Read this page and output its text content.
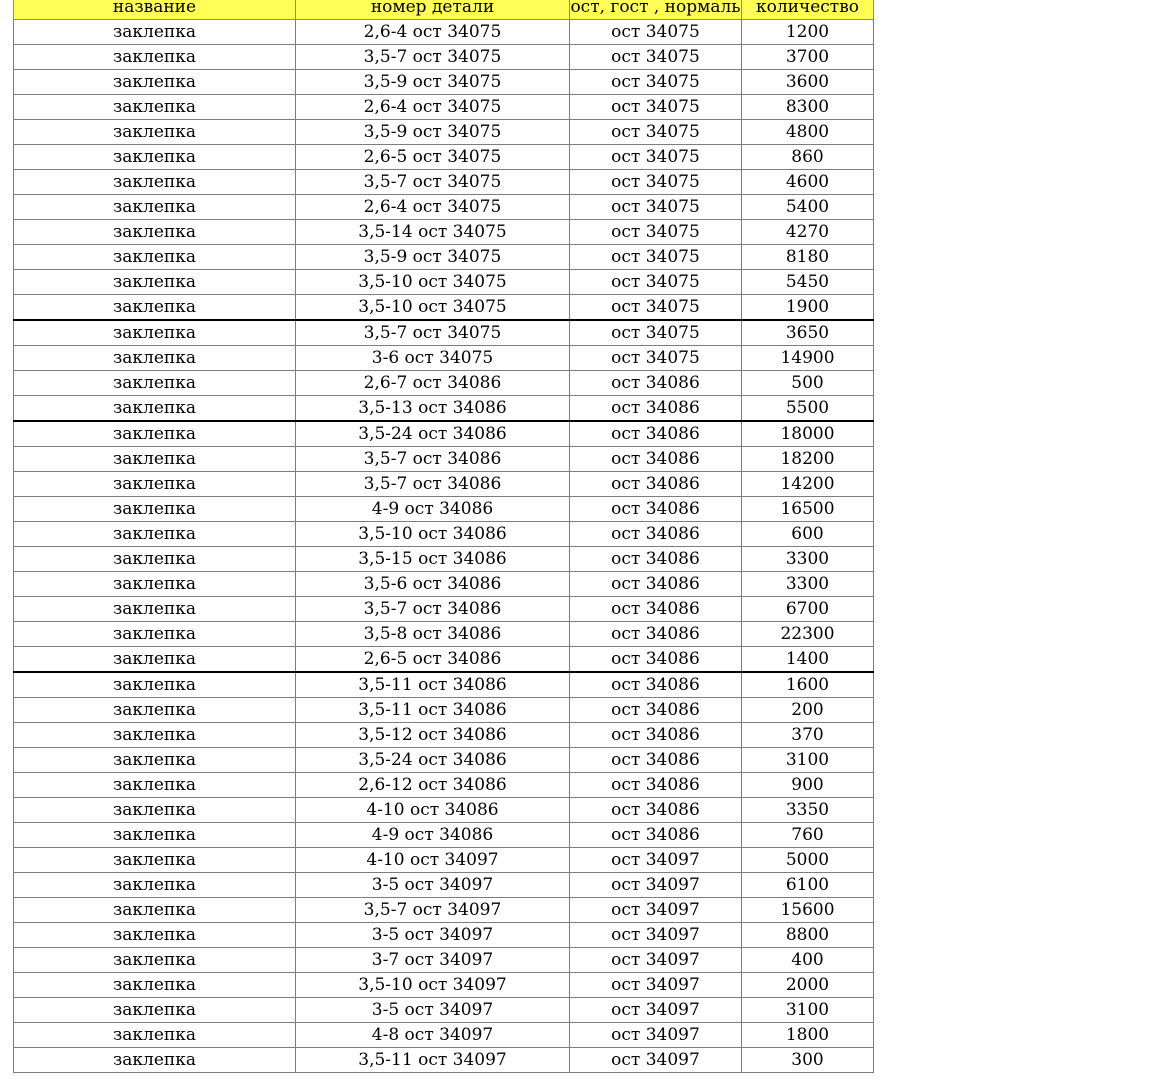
название	номер детали	ост, гост , нормаль	количество
заклепка	2,6-4 ост 34075	ост 34075	1200
заклепка	3,5-7 ост 34075	ост 34075	3700
заклепка	3,5-9 ост 34075	ост 34075	3600
заклепка	2,6-4 ост 34075	ост 34075	8300
заклепка	3,5-9 ост 34075	ост 34075	4800
заклепка	2,6-5 ост 34075	ост 34075	860
заклепка	3,5-7 ост 34075	ост 34075	4600
заклепка	2,6-4 ост 34075	ост 34075	5400
заклепка	3,5-14 ост 34075	ост 34075	4270
заклепка	3,5-9 ост 34075	ост 34075	8180
заклепка	3,5-10 ост 34075	ост 34075	5450
заклепка	3,5-10 ост 34075	ост 34075	1900
заклепка	3,5-7 ост 34075	ост 34075	3650
заклепка	3-6 ост 34075	ост 34075	14900
заклепка	2,6-7 ост 34086	ост 34086	500
заклепка	3,5-13 ост 34086	ост 34086	5500
заклепка	3,5-24 ост 34086	ост 34086	18000
заклепка	3,5-7 ост 34086	ост 34086	18200
заклепка	3,5-7 ост 34086	ост 34086	14200
заклепка	4-9 ост 34086	ост 34086	16500
заклепка	3,5-10 ост 34086	ост 34086	600
заклепка	3,5-15 ост 34086	ост 34086	3300
заклепка	3,5-6 ост 34086	ост 34086	3300
заклепка	3,5-7 ост 34086	ост 34086	6700
заклепка	3,5-8 ост 34086	ост 34086	22300
заклепка	2,6-5 ост 34086	ост 34086	1400
заклепка	3,5-11 ост 34086	ост 34086	1600
заклепка	3,5-11 ост 34086	ост 34086	200
заклепка	3,5-12 ост 34086	ост 34086	370
заклепка	3,5-24 ост 34086	ост 34086	3100
заклепка	2,6-12 ост 34086	ост 34086	900
заклепка	4-10 ост 34086	ост 34086	3350
заклепка	4-9 ост 34086	ост 34086	760
заклепка	4-10 ост 34097	ост 34097	5000
заклепка	3-5 ост 34097	ост 34097	6100
заклепка	3,5-7 ост 34097	ост 34097	15600
заклепка	3-5 ост 34097	ост 34097	8800
заклепка	3-7 ост 34097	ост 34097	400
заклепка	3,5-10 ост 34097	ост 34097	2000
заклепка	3-5 ост 34097	ост 34097	3100
заклепка	4-8 ост 34097	ост 34097	1800
заклепка	3,5-11 ост 34097	ост 34097	300
